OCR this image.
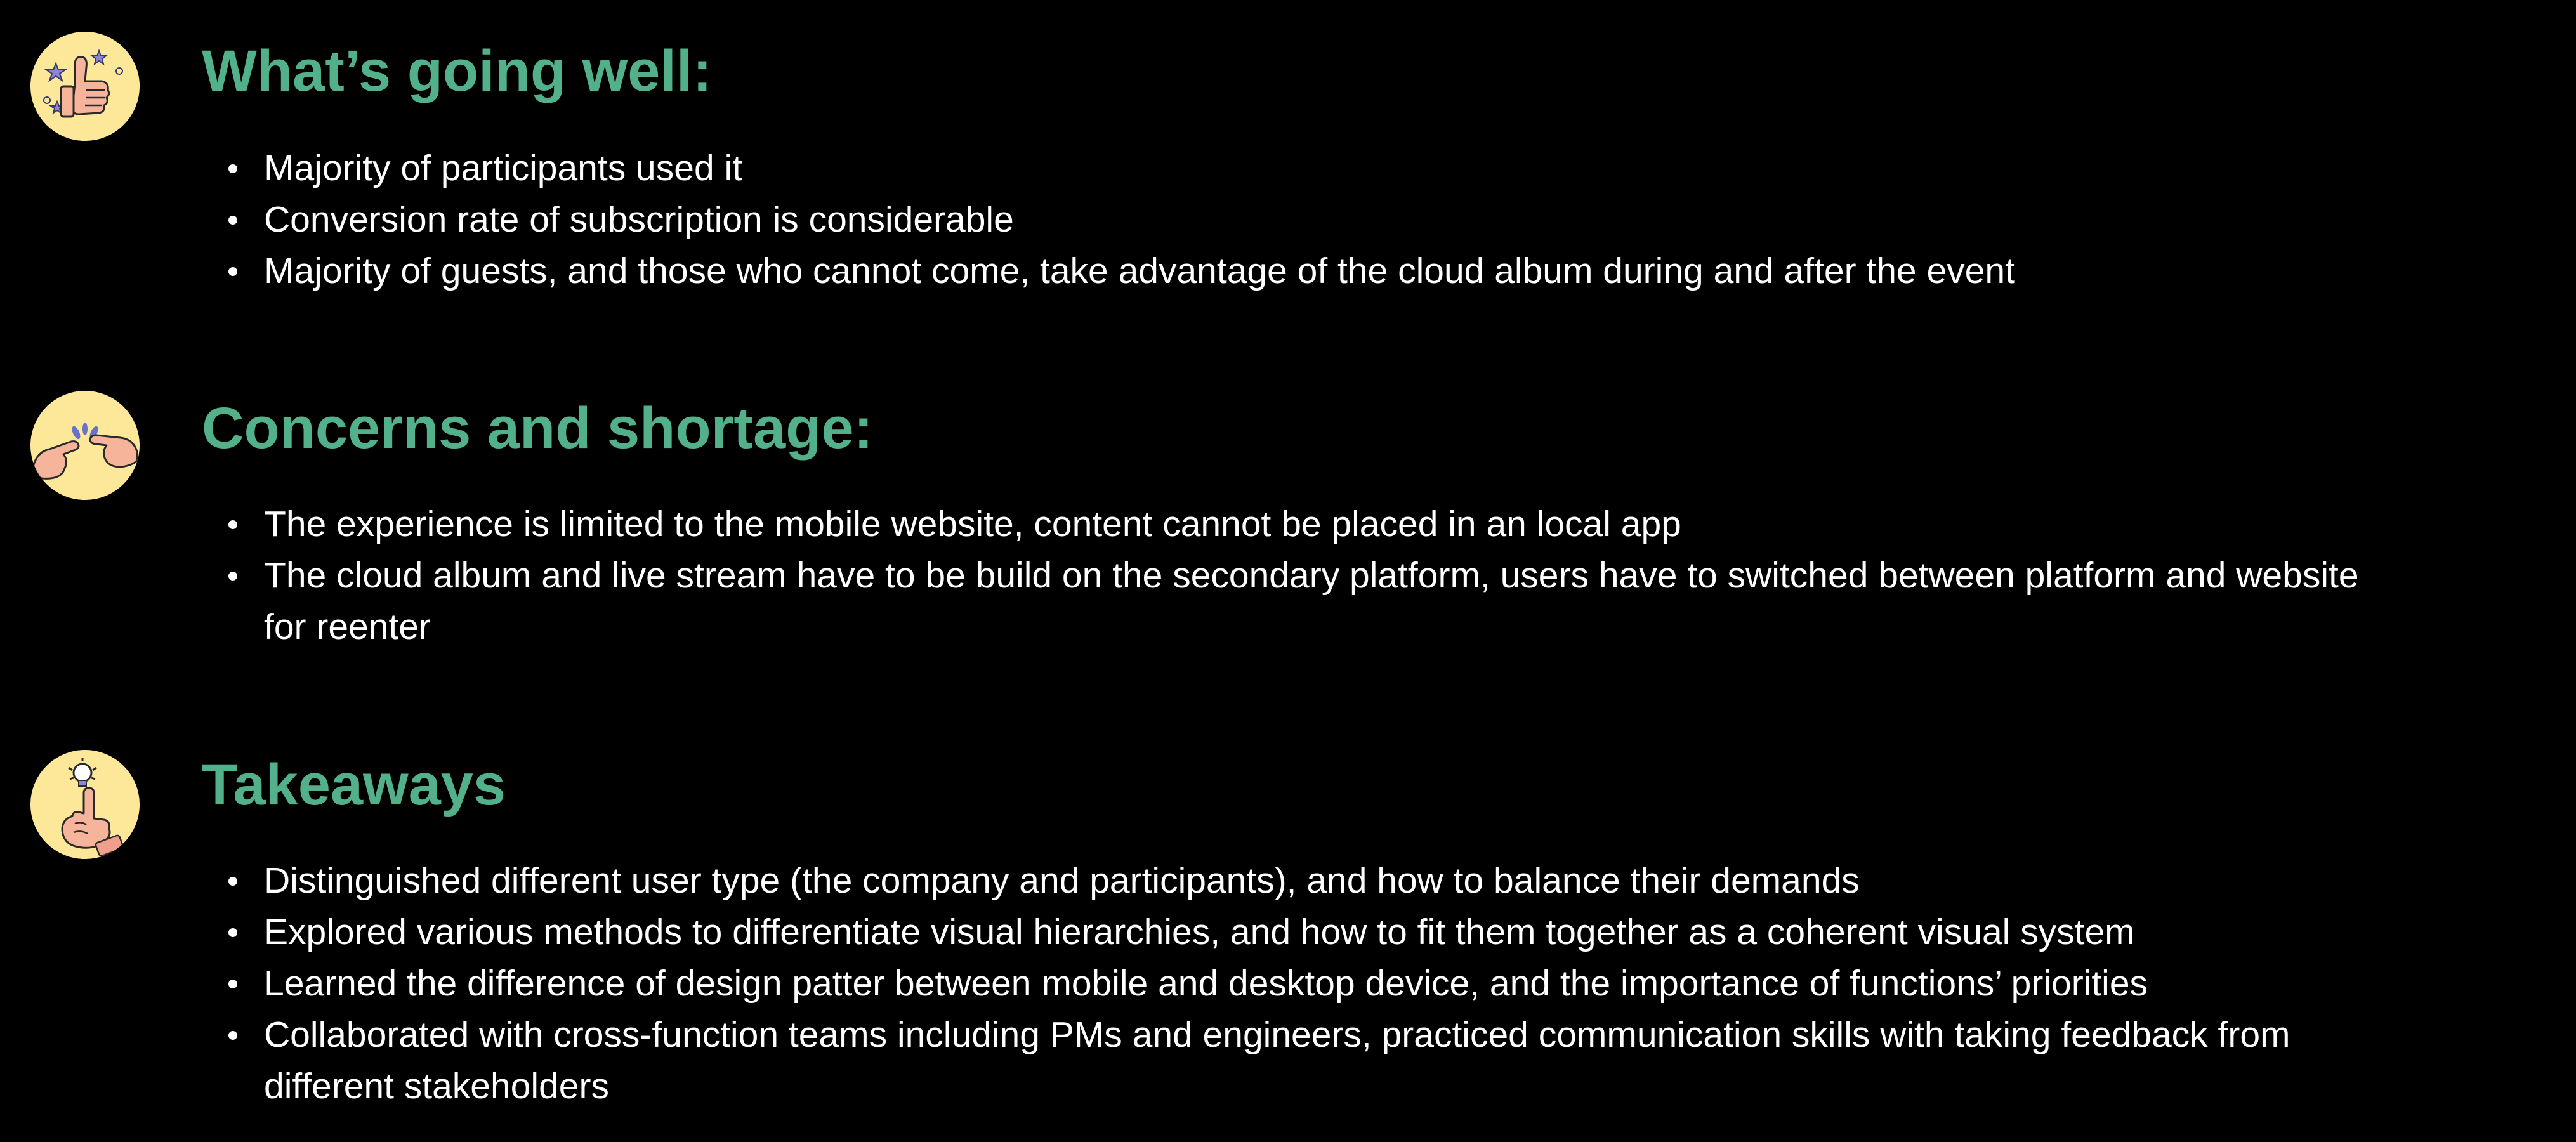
What’s going well:
Majority of participants used it
Conversion rate of subscription is considerable
Majority of guests, and those who cannot come, take advantage of the cloud album during and after the event
Concerns and shortage:
The experience is limited to the mobile website, content cannot be placed in an local app
The cloud album and live stream have to be build on the secondary platform, users have to switched between platform and website for reenter
Takeaways
Distinguished different user type (the company and participants), and how to balance their demands
Explored various methods to differentiate visual hierarchies, and how to fit them together as a coherent visual system
Learned the difference of design patter between mobile and desktop device, and the importance of functions’ priorities
Collaborated with cross-function teams including PMs and engineers, practiced communication skills with taking feedback from different stakeholders
